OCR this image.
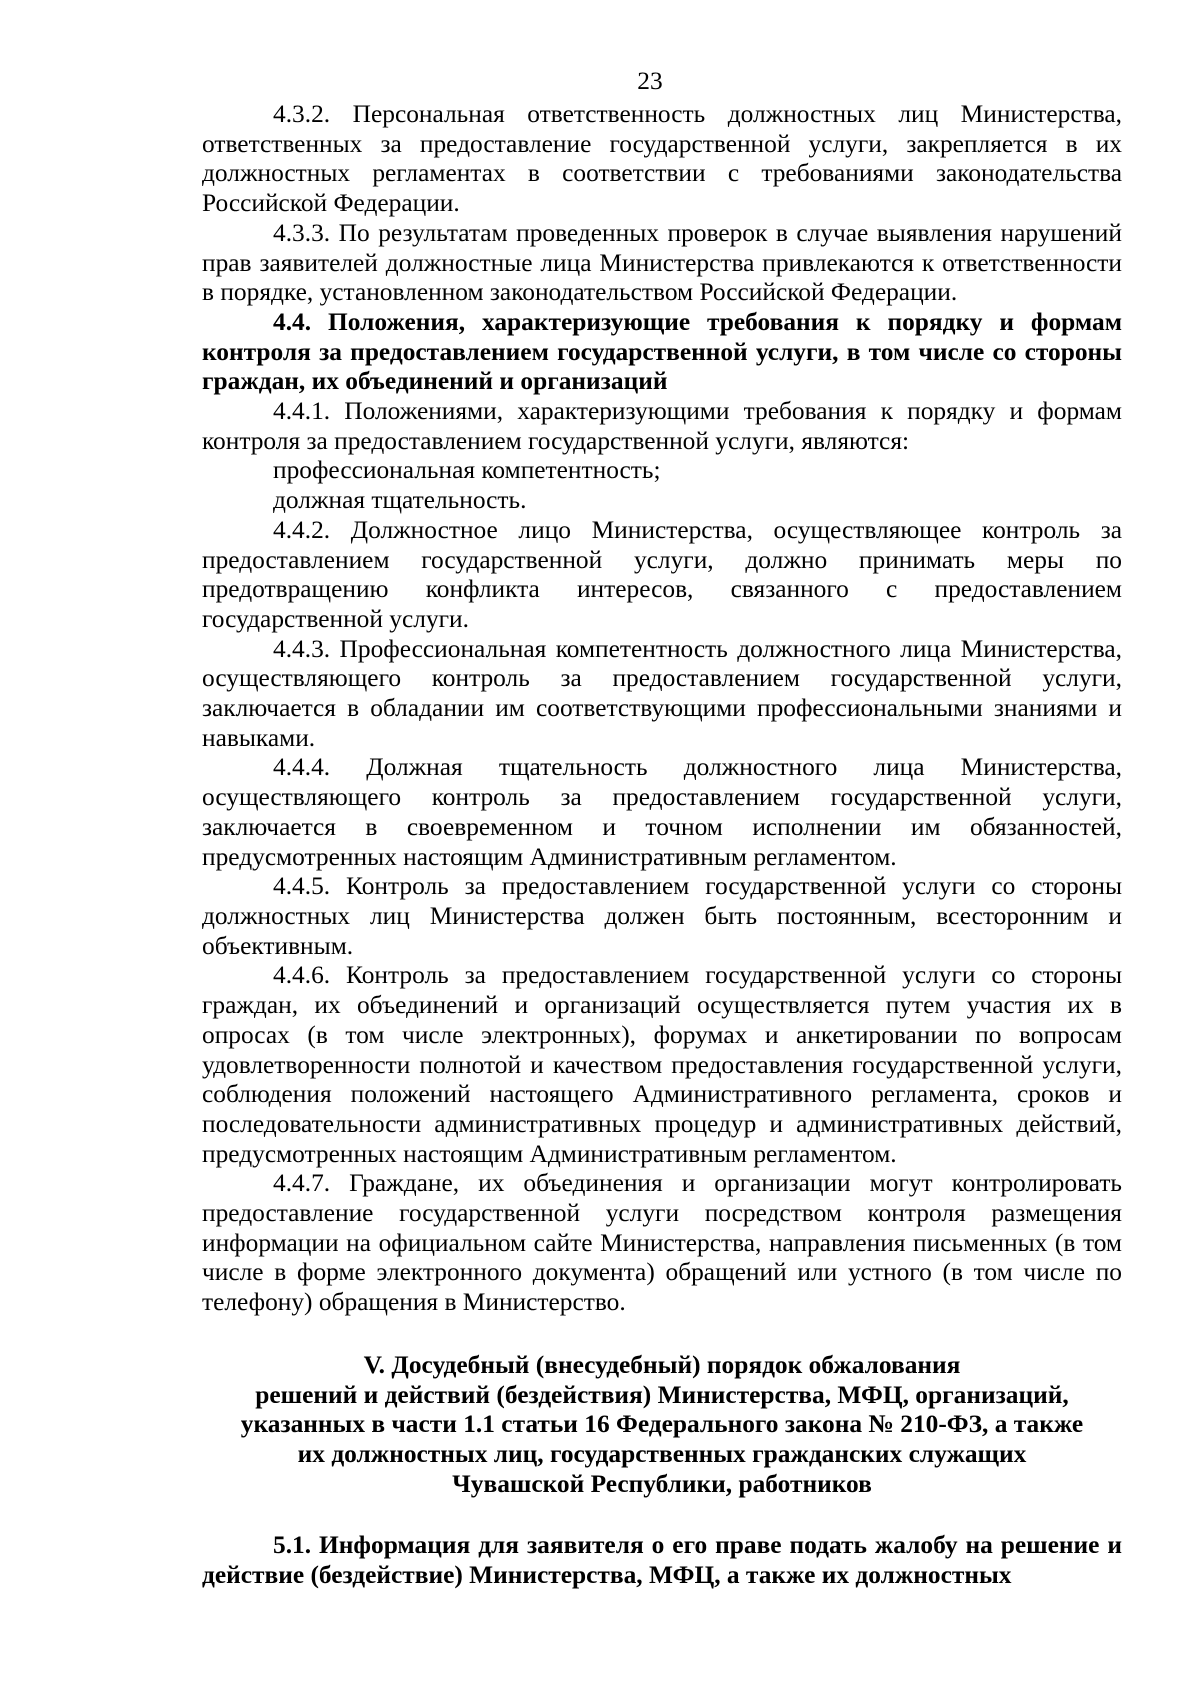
23

4.3.2. Персональная ответственность должностных лиц Министерства, ответственных за предоставление государственной услуги, закрепляется в их должностных регламентах в соответствии с требованиями законодательства Российской Федерации.

4.3.3. По результатам проведенных проверок в случае выявления нарушений прав заявителей должностные лица Министерства привлекаются к ответственности в порядке, установленном законодательством Российской Федерации.

4.4. Положения, характеризующие требования к порядку и формам контроля за предоставлением государственной услуги, в том числе со стороны граждан, их объединений и организаций

4.4.1. Положениями, характеризующими требования к порядку и формам контроля за предоставлением государственной услуги, являются:

профессиональная компетентность;

должная тщательность.

4.4.2. Должностное лицо Министерства, осуществляющее контроль за предоставлением государственной услуги, должно принимать меры по предотвращению конфликта интересов, связанного с предоставлением государственной услуги.

4.4.3. Профессиональная компетентность должностного лица Министерства, осуществляющего контроль за предоставлением государственной услуги, заключается в обладании им соответствующими профессиональными знаниями и навыками.

4.4.4. Должная тщательность должностного лица Министерства, осуществляющего контроль за предоставлением государственной услуги, заключается в своевременном и точном исполнении им обязанностей, предусмотренных настоящим Административным регламентом.

4.4.5. Контроль за предоставлением государственной услуги со стороны должностных лиц Министерства должен быть постоянным, всесторонним и объективным.

4.4.6. Контроль за предоставлением государственной услуги со стороны граждан, их объединений и организаций осуществляется путем участия их в опросах (в том числе электронных), форумах и анкетировании по вопросам удовлетворенности полнотой и качеством предоставления государственной услуги, соблюдения положений настоящего Административного регламента, сроков и последовательности административных процедур и административных действий, предусмотренных настоящим Административным регламентом.

4.4.7. Граждане, их объединения и организации могут контролировать предоставление государственной услуги посредством контроля размещения информации на официальном сайте Министерства, направления письменных (в том числе в форме электронного документа) обращений или устного (в том числе по телефону) обращения в Министерство.

V. Досудебный (внесудебный) порядок обжалования
решений и действий (бездействия) Министерства, МФЦ, организаций,
указанных в части 1.1 статьи 16 Федерального закона № 210-ФЗ, а также
их должностных лиц, государственных гражданских служащих
Чувашской Республики, работников

5.1. Информация для заявителя о его праве подать жалобу на решение и действие (бездействие) Министерства, МФЦ, а также их должностных
